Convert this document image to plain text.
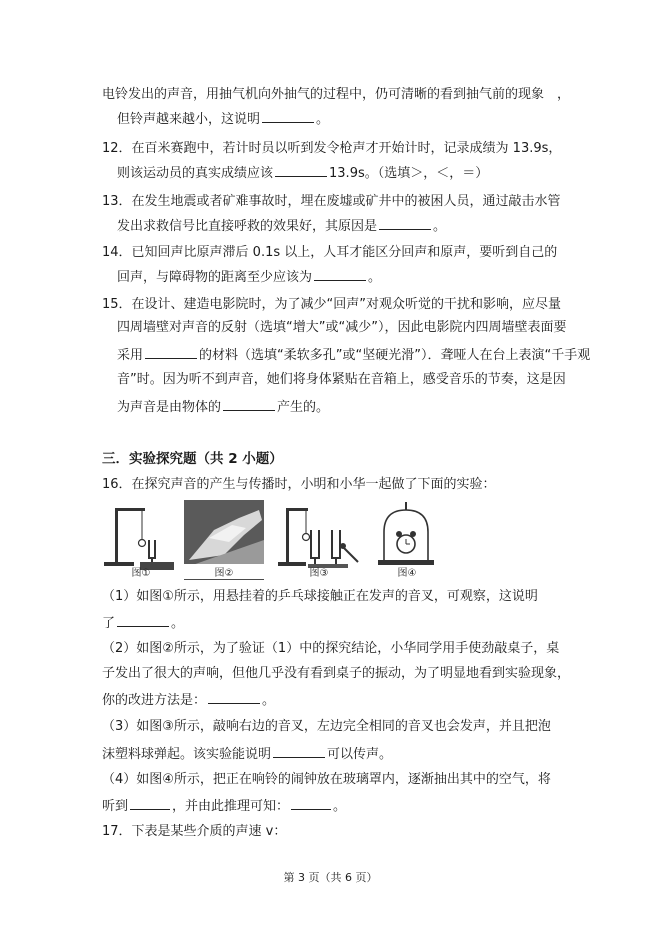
电铃发出的声音，用抽气机向外抽气的过程中，仍可清晰的看到抽气前的现象　，
但铃声越来越小，这说明	。
12．在百米赛跑中，若计时员以听到发令枪声才开始计时，记录成绩为 13.9s，
则该运动员的真实成绩应该	13.9s。（选填＞，＜，＝）
13．在发生地震或者矿难事故时，埋在废墟或矿井中的被困人员，通过敲击水管
发出求救信号比直接呼救的效果好，其原因是	。
14．已知回声比原声滞后 0.1s 以上，人耳才能区分回声和原声，要听到自己的
回声，与障碍物的距离至少应该为	。
15．在设计、建造电影院时，为了减少“回声”对观众听觉的干扰和影响，应尽量
四周墙壁对声音的反射（选填“增大”或“减少”），因此电影院内四周墙壁表面要
采用	的材料（选填“柔软多孔”或“坚硬光滑”）．聋哑人在台上表演“千手观
音”时。因为听不到声音，她们将身体紧贴在音箱上，感受音乐的节奏，这是因
为声音是由物体的	产生的。
三．实验探究题（共 2 小题）
16．在探究声音的产生与传播时，小明和小华一起做了下面的实验：
图①	图②	图③	图④
（1）如图①所示，用悬挂着的乒乓球接触正在发声的音叉，可观察，这说明
了	。
（2）如图②所示，为了验证（1）中的探究结论，小华同学用手使劲敲桌子，桌
子发出了很大的声响，但他几乎没有看到桌子的振动，为了明显地看到实验现象，
你的改进方法是：	。
（3）如图③所示，敲响右边的音叉，左边完全相同的音叉也会发声，并且把泡
沫塑料球弹起。该实验能说明	可以传声。
（4）如图④所示，把正在响铃的闹钟放在玻璃罩内，逐渐抽出其中的空气，将
听到	，并由此推理可知：	。
17．下表是某些介质的声速 v：
第 3 页（共 6 页）
